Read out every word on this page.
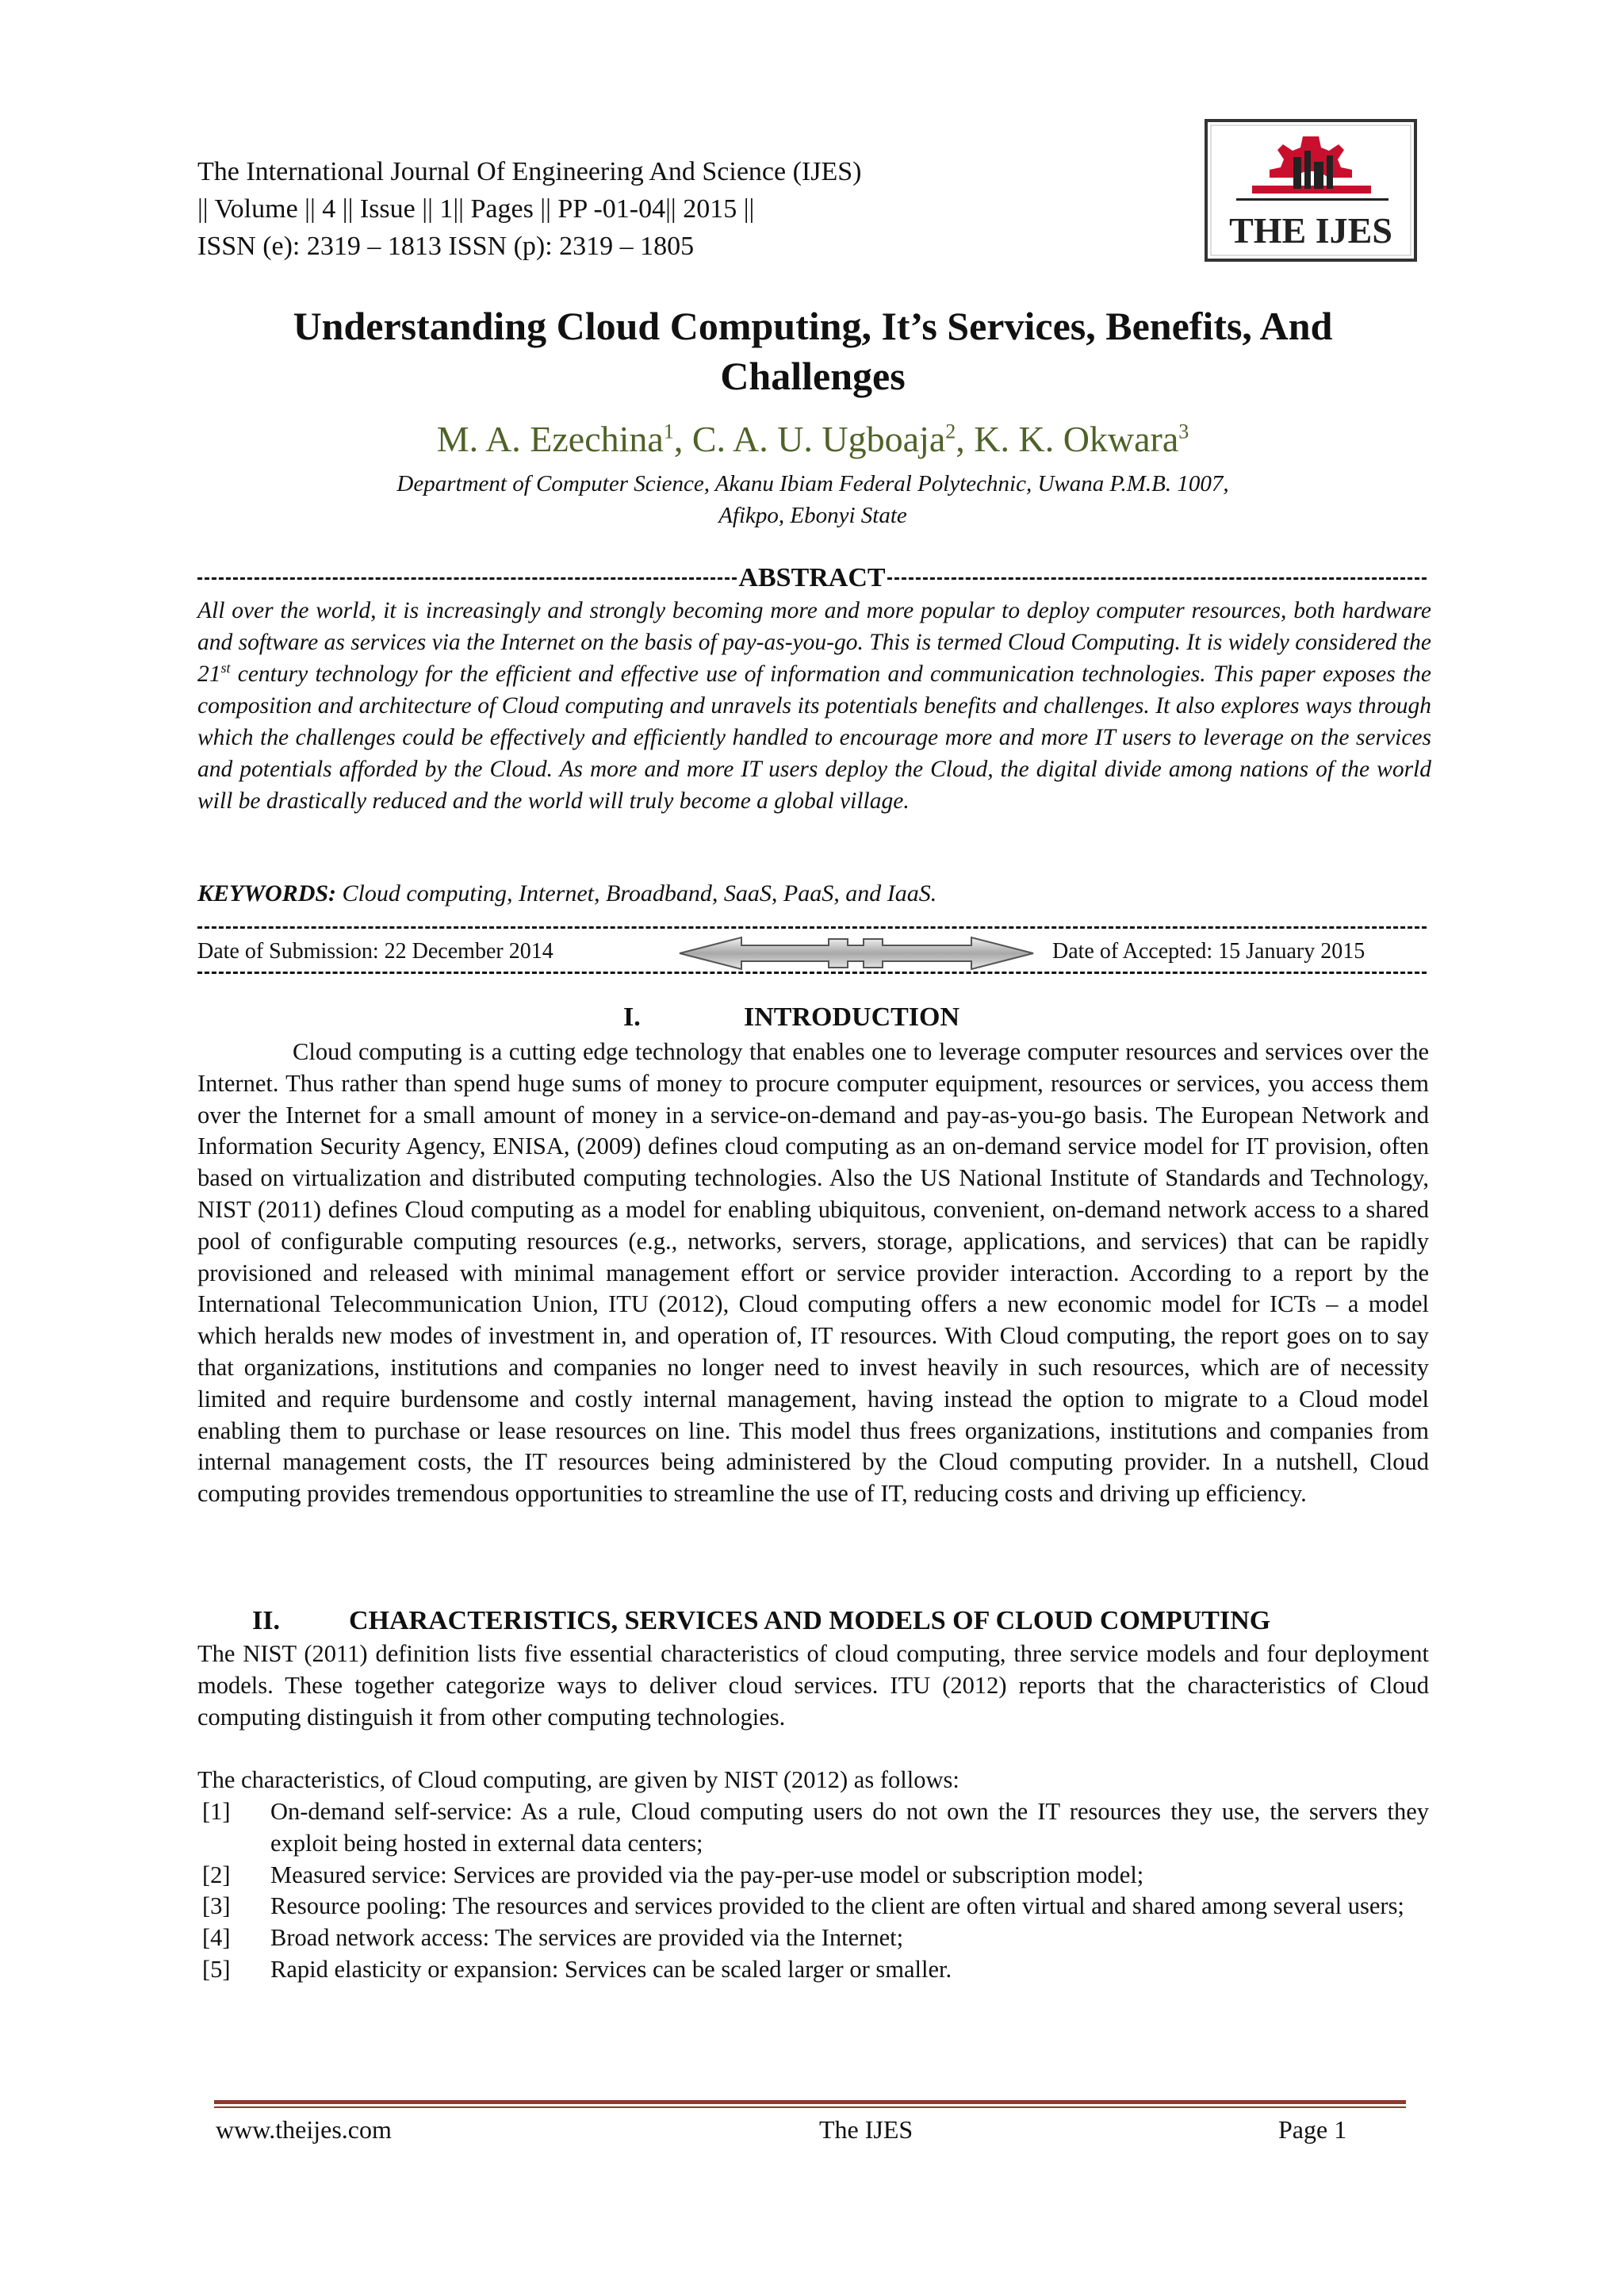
The International Journal Of Engineering And Science (IJES)
|| Volume || 4 || Issue || 1|| Pages || PP -01-04|| 2015 ||
ISSN (e): 2319 – 1813 ISSN (p): 2319 – 1805	THE IJES
Understanding Cloud Computing, It’s Services, Benefits, And
Challenges
M. A. Ezechina$^1$, C. A. U. Ugboaja$^2$, K. K. Okwara$^3$
Department of Computer Science, Akanu Ibiam Federal Polytechnic, Uwana P.M.B. 1007,
Afikpo, Ebonyi State
ABSTRACT
All over the world, it is increasingly and strongly becoming more and more popular to deploy computer resources, both hardware and software as services via the Internet on the basis of pay-as-you-go. This is termed Cloud Computing. It is widely considered the 21st century technology for the efficient and effective use of information and communication technologies. This paper exposes the composition and architecture of Cloud computing and unravels its potentials benefits and challenges. It also explores ways through which the challenges could be effectively and efficiently handled to encourage more and more IT users to leverage on the services and potentials afforded by the Cloud. As more and more IT users deploy the Cloud, the digital divide among nations of the world will be drastically reduced and the world will truly become a global village.
KEYWORDS: Cloud computing, Internet, Broadband, SaaS, PaaS, and IaaS.
Date of Submission: 22 December 2014	Date of Accepted: 15 January 2015
I.	INTRODUCTION
Cloud computing is a cutting edge technology that enables one to leverage computer resources and services over the Internet. Thus rather than spend huge sums of money to procure computer equipment, resources or services, you access them over the Internet for a small amount of money in a service-on-demand and pay-as-you-go basis. The European Network and Information Security Agency, ENISA, (2009) defines cloud computing as an on-demand service model for IT provision, often based on virtualization and distributed computing technologies. Also the US National Institute of Standards and Technology, NIST (2011) defines Cloud computing as a model for enabling ubiquitous, convenient, on-demand network access to a shared pool of configurable computing resources (e.g., networks, servers, storage, applications, and services) that can be rapidly provisioned and released with minimal management effort or service provider interaction. According to a report by the International Telecommunication Union, ITU (2012), Cloud computing offers a new economic model for ICTs – a model which heralds new modes of investment in, and operation of, IT resources. With Cloud computing, the report goes on to say that organizations, institutions and companies no longer need to invest heavily in such resources, which are of necessity limited and require burdensome and costly internal management, having instead the option to migrate to a Cloud model enabling them to purchase or lease resources on line. This model thus frees organizations, institutions and companies from internal management costs, the IT resources being administered by the Cloud computing provider. In a nutshell, Cloud computing provides tremendous opportunities to streamline the use of IT, reducing costs and driving up efficiency.
II.	CHARACTERISTICS, SERVICES AND MODELS OF CLOUD COMPUTING
The NIST (2011) definition lists five essential characteristics of cloud computing, three service models and four deployment models. These together categorize ways to deliver cloud services. ITU (2012) reports that the characteristics of Cloud computing distinguish it from other computing technologies.
The characteristics, of Cloud computing, are given by NIST (2012) as follows:
[1]	On-demand self-service: As a rule, Cloud computing users do not own the IT resources they use, the servers they exploit being hosted in external data centers;
[2]	Measured service: Services are provided via the pay-per-use model or subscription model;
[3]	Resource pooling: The resources and services provided to the client are often virtual and shared among several users;
[4]	Broad network access: The services are provided via the Internet;
[5]	Rapid elasticity or expansion: Services can be scaled larger or smaller.
www.theijes.com	The IJES	Page 1
